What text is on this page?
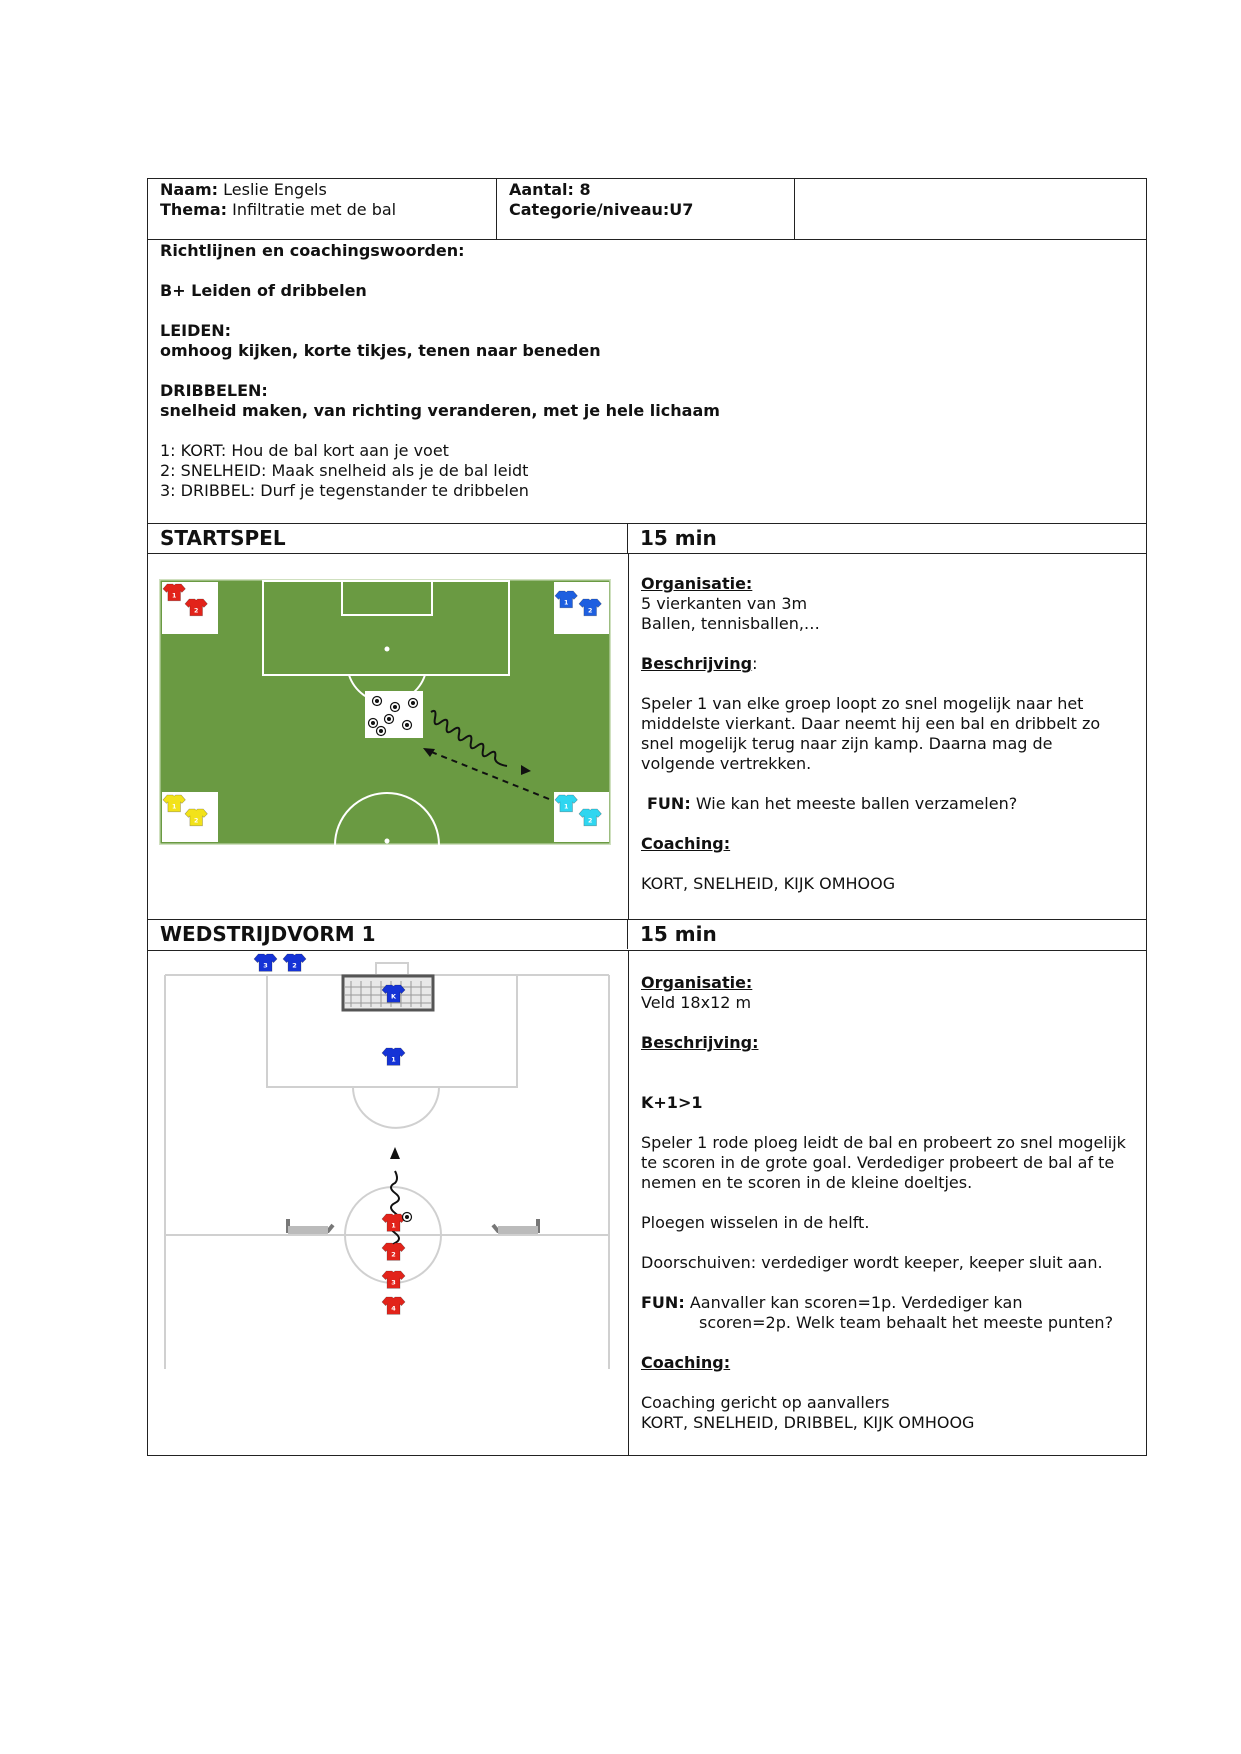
Naam: Leslie Engels
Thema: Infiltratie met de bal
Aantal: 8
Categorie/niveau:U7
Richtlijnen en coachingswoorden:
B+ Leiden of dribbelen
LEIDEN:
omhoog kijken, korte tikjes, tenen naar beneden
DRIBBELEN:
snelheid maken, van richting veranderen, met je hele lichaam
1: KORT: Hou de bal kort aan je voet
2: SNELHEID: Maak snelheid als je de bal leidt
3: DRIBBEL: Durf je tegenstander te dribbelen
STARTSPEL	15 min
1
2
1
2
1
2
1
2
Organisatie:
5 vierkanten van 3m
Ballen, tennisballen,…
Beschrijving:
Speler 1 van elke groep loopt zo snel mogelijk naar het
middelste vierkant. Daar neemt hij een bal en dribbelt zo
snel mogelijk terug naar zijn kamp. Daarna mag de
volgende vertrekken.
FUN: Wie kan het meeste ballen verzamelen?
Coaching:
KORT, SNELHEID, KIJK OMHOOG
WEDSTRIJDVORM 1	15 min
3	2
K
1
1
2
3
4
Organisatie:
Veld 18x12 m
Beschrijving:
K+1>1
Speler 1 rode ploeg leidt de bal en probeert zo snel mogelijk
te scoren in de grote goal. Verdediger probeert de bal af te
nemen en te scoren in de kleine doeltjes.
Ploegen wisselen in de helft.
Doorschuiven: verdediger wordt keeper, keeper sluit aan.
FUN: Aanvaller kan scoren=1p. Verdediger kan
scoren=2p. Welk team behaalt het meeste punten?
Coaching:
Coaching gericht op aanvallers
KORT, SNELHEID, DRIBBEL, KIJK OMHOOG
